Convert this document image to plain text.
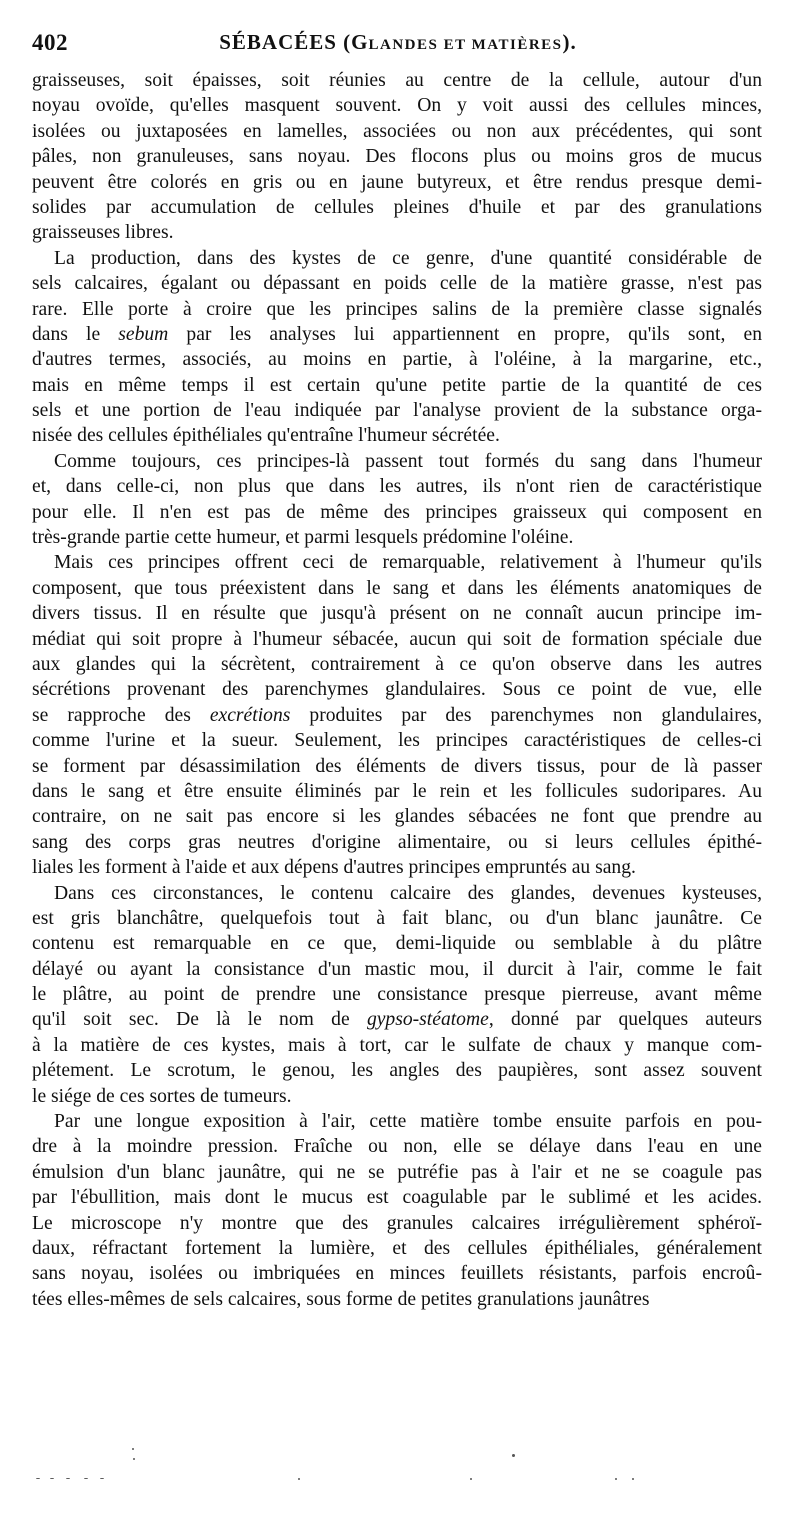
402	SÉBACÉES (GLANDES ET MATIÈRES).
graisseuses, soit épaisses, soit réunies au centre de la cellule, autour d'un
noyau ovoïde, qu'elles masquent souvent. On y voit aussi des cellules minces,
isolées ou juxtaposées en lamelles, associées ou non aux précédentes, qui sont
pâles, non granuleuses, sans noyau. Des flocons plus ou moins gros de mucus
peuvent être colorés en gris ou en jaune butyreux, et être rendus presque demi-
solides par accumulation de cellules pleines d'huile et par des granulations
graisseuses libres.
La production, dans des kystes de ce genre, d'une quantité considérable de
sels calcaires, égalant ou dépassant en poids celle de la matière grasse, n'est pas
rare. Elle porte à croire que les principes salins de la première classe signalés
dans le sebum par les analyses lui appartiennent en propre, qu'ils sont, en
d'autres termes, associés, au moins en partie, à l'oléine, à la margarine, etc.,
mais en même temps il est certain qu'une petite partie de la quantité de ces
sels et une portion de l'eau indiquée par l'analyse provient de la substance orga-
nisée des cellules épithéliales qu'entraîne l'humeur sécrétée.
Comme toujours, ces principes-là passent tout formés du sang dans l'humeur
et, dans celle-ci, non plus que dans les autres, ils n'ont rien de caractéristique
pour elle. Il n'en est pas de même des principes graisseux qui composent en
très-grande partie cette humeur, et parmi lesquels prédomine l'oléine.
Mais ces principes offrent ceci de remarquable, relativement à l'humeur qu'ils
composent, que tous préexistent dans le sang et dans les éléments anatomiques de
divers tissus. Il en résulte que jusqu'à présent on ne connaît aucun principe im-
médiat qui soit propre à l'humeur sébacée, aucun qui soit de formation spéciale due
aux glandes qui la sécrètent, contrairement à ce qu'on observe dans les autres
sécrétions provenant des parenchymes glandulaires. Sous ce point de vue, elle
se rapproche des excrétions produites par des parenchymes non glandulaires,
comme l'urine et la sueur. Seulement, les principes caractéristiques de celles-ci
se forment par désassimilation des éléments de divers tissus, pour de là passer
dans le sang et être ensuite éliminés par le rein et les follicules sudoripares. Au
contraire, on ne sait pas encore si les glandes sébacées ne font que prendre au
sang des corps gras neutres d'origine alimentaire, ou si leurs cellules épithé-
liales les forment à l'aide et aux dépens d'autres principes empruntés au sang.
Dans ces circonstances, le contenu calcaire des glandes, devenues kysteuses,
est gris blanchâtre, quelquefois tout à fait blanc, ou d'un blanc jaunâtre. Ce
contenu est remarquable en ce que, demi-liquide ou semblable à du plâtre
délayé ou ayant la consistance d'un mastic mou, il durcit à l'air, comme le fait
le plâtre, au point de prendre une consistance presque pierreuse, avant même
qu'il soit sec. De là le nom de gypso-stéatome, donné par quelques auteurs
à la matière de ces kystes, mais à tort, car le sulfate de chaux y manque com-
plétement. Le scrotum, le genou, les angles des paupières, sont assez souvent
le siége de ces sortes de tumeurs.
Par une longue exposition à l'air, cette matière tombe ensuite parfois en pou-
dre à la moindre pression. Fraîche ou non, elle se délaye dans l'eau en une
émulsion d'un blanc jaunâtre, qui ne se putréfie pas à l'air et ne se coagule pas
par l'ébullition, mais dont le mucus est coagulable par le sublimé et les acides.
Le microscope n'y montre que des granules calcaires irrégulièrement sphéroï-
daux, réfractant fortement la lumière, et des cellules épithéliales, généralement
sans noyau, isolées ou imbriquées en minces feuillets résistants, parfois encroû-
tées elles-mêmes de sels calcaires, sous forme de petites granulations jaunâtres
